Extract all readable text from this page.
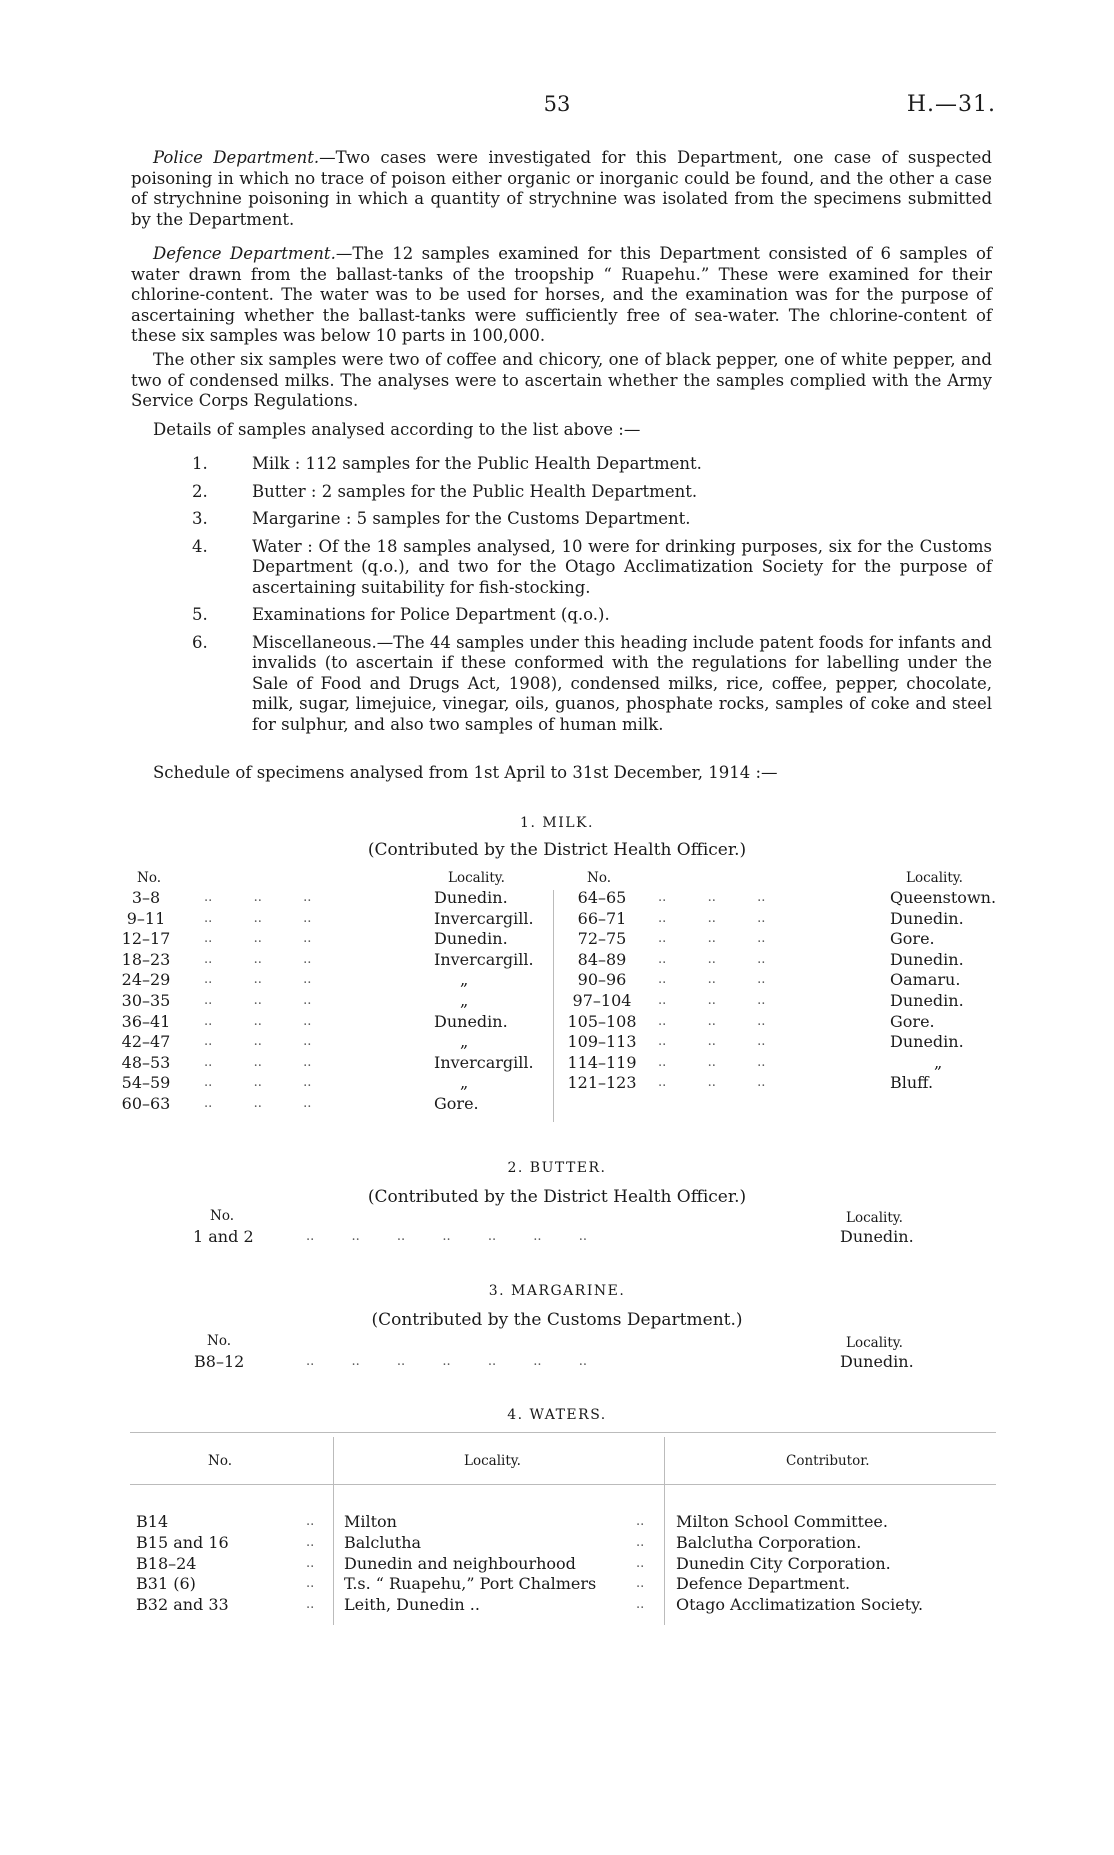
53	H.—31.
Police Department.—Two cases were investigated for this Department, one case of suspected poisoning in which no trace of poison either organic or inorganic could be found, and the other a case of strychnine poisoning in which a quantity of strychnine was isolated from the specimens submitted by the Department.
Defence Department.—The 12 samples examined for this Department consisted of 6 samples of water drawn from the ballast-tanks of the troopship “ Ruapehu.” These were examined for their chlorine-content. The water was to be used for horses, and the examination was for the purpose of ascertaining whether the ballast-tanks were sufficiently free of sea-water. The chlorine-content of these six samples was below 10 parts in 100,000.
The other six samples were two of coffee and chicory, one of black pepper, one of white pepper, and two of condensed milks. The analyses were to ascertain whether the samples complied with the Army Service Corps Regulations.
Details of samples analysed according to the list above :—
1.	Milk : 112 samples for the Public Health Department.
2.	Butter : 2 samples for the Public Health Department.
3.	Margarine : 5 samples for the Customs Department.
4.	Water : Of the 18 samples analysed, 10 were for drinking purposes, six for the Customs Department (q.o.), and two for the Otago Acclimatization Society for the purpose of ascertaining suitability for fish-stocking.
5.	Examinations for Police Department (q.o.).
6.	Miscellaneous.—The 44 samples under this heading include patent foods for infants and invalids (to ascertain if these conformed with the regulations for labelling under the Sale of Food and Drugs Act, 1908), condensed milks, rice, coffee, pepper, chocolate, milk, sugar, limejuice, vinegar, oils, guanos, phosphate rocks, samples of coke and steel for sulphur, and also two samples of human milk.
Schedule of specimens analysed from 1st April to 31st December, 1914 :—
1. MILK.
(Contributed by the District Health Officer.)
No.	Locality.	No.	Locality.
3–8	..          ..          ..	Dunedin.
9–11	..          ..          ..	Invercargill.
12–17	..          ..          ..	Dunedin.
18–23	..          ..          ..	Invercargill.
24–29	..          ..          ..	„
30–35	..          ..          ..	„
36–41	..          ..          ..	Dunedin.
42–47	..          ..          ..	„
48–53	..          ..          ..	Invercargill.
54–59	..          ..          ..	„
60–63	..          ..          ..	Gore.
64–65	..          ..          ..	Queenstown.
66–71	..          ..          ..	Dunedin.
72–75	..          ..          ..	Gore.
84–89	..          ..          ..	Dunedin.
90–96	..          ..          ..	Oamaru.
97–104	..          ..          ..	Dunedin.
105–108	..          ..          ..	Gore.
109–113	..          ..          ..	Dunedin.
114–119	..          ..          ..	„
121–123	..          ..          ..	Bluff.
2. BUTTER.
(Contributed by the District Health Officer.)
No.	Locality.
1 and 2	..         ..         ..         ..         ..         ..         ..	Dunedin.
3. MARGARINE.
(Contributed by the Customs Department.)
No.	Locality.
B8–12	..         ..         ..         ..         ..         ..         ..	Dunedin.
4. WATERS.
No.	Locality.	Contributor.
B14	.. Milton	.. Milton School Committee.
B15 and 16	.. Balclutha	.. Balclutha Corporation.
B18–24	.. Dunedin and neighbourhood	.. Dunedin City Corporation.
B31 (6)	.. T.s. “ Ruapehu,” Port Chalmers	.. Defence Department.
B32 and 33	.. Leith, Dunedin ..	.. Otago Acclimatization Society.
